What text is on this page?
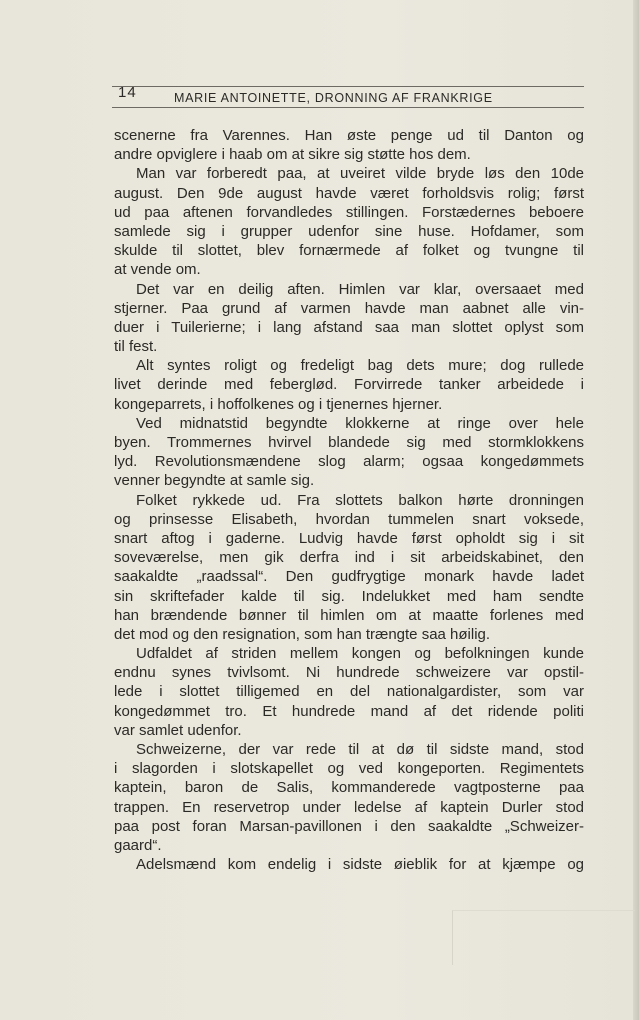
14	MARIE ANTOINETTE, DRONNING AF FRANKRIGE
scenerne fra Varennes. Han øste penge ud til Danton og
andre opviglere i haab om at sikre sig støtte hos dem.
Man var forberedt paa, at uveiret vilde bryde løs den 10de
august. Den 9de august havde været forholdsvis rolig; først
ud paa aftenen forvandledes stillingen. Forstædernes beboere
samlede sig i grupper udenfor sine huse. Hofdamer, som
skulde til slottet, blev fornærmede af folket og tvungne til
at vende om.
Det var en deilig aften. Himlen var klar, oversaaet med
stjerner. Paa grund af varmen havde man aabnet alle vin-
duer i Tuilerierne; i lang afstand saa man slottet oplyst som
til fest.
Alt syntes roligt og fredeligt bag dets mure; dog rullede
livet derinde med feberglød. Forvirrede tanker arbeidede i
kongeparrets, i hoffolkenes og i tjenernes hjerner.
Ved midnatstid begyndte klokkerne at ringe over hele
byen. Trommernes hvirvel blandede sig med stormklokkens
lyd. Revolutionsmændene slog alarm; ogsaa kongedømmets
venner begyndte at samle sig.
Folket rykkede ud. Fra slottets balkon hørte dronningen
og prinsesse Elisabeth, hvordan tummelen snart voksede,
snart aftog i gaderne. Ludvig havde først opholdt sig i sit
soveværelse, men gik derfra ind i sit arbeidskabinet, den
saakaldte „raadssal“. Den gudfrygtige monark havde ladet
sin skriftefader kalde til sig. Indelukket med ham sendte
han brændende bønner til himlen om at maatte forlenes med
det mod og den resignation, som han trængte saa høilig.
Udfaldet af striden mellem kongen og befolkningen kunde
endnu synes tvivlsomt. Ni hundrede schweizere var opstil-
lede i slottet tilligemed en del nationalgardister, som var
kongedømmet tro. Et hundrede mand af det ridende politi
var samlet udenfor.
Schweizerne, der var rede til at dø til sidste mand, stod
i slagorden i slotskapellet og ved kongeporten. Regimentets
kaptein, baron de Salis, kommanderede vagtposterne paa
trappen. En reservetrop under ledelse af kaptein Durler stod
paa post foran Marsan-pavillonen i den saakaldte „Schweizer-
gaard“.
Adelsmænd kom endelig i sidste øieblik for at kjæmpe og
